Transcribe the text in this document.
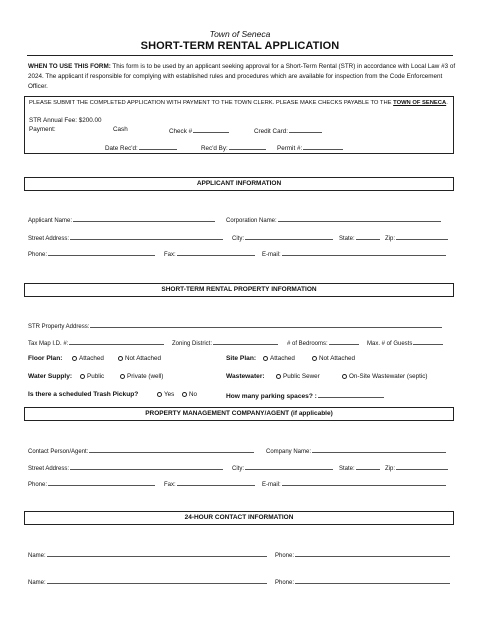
Town of Seneca
SHORT-TERM RENTAL APPLICATION
WHEN TO USE THIS FORM: This form is to be used by an applicant seeking approval for a Short-Term Rental (STR) in accordance with Local Law #3 of 2024. The applicant if responsible for complying with established rules and procedures which are available for inspection from the Code Enforcement Officer.
PLEASE SUBMIT THE COMPLETED APPLICATION WITH PAYMENT TO THE TOWN CLERK. PLEASE MAKE CHECKS PAYABLE TO THE TOWN OF SENECA.
STR Annual Fee: $200.00
Payment:	Cash	Check #	Credit Card:
Date Rec'd:	Rec'd By:	Permit #:
APPLICANT INFORMATION
Applicant Name:	Corporation Name:
Street Address:	City:	State:	Zip:
Phone:	Fax:	E-mail:
SHORT-TERM RENTAL PROPERTY INFORMATION
STR Property Address:
Tax Map I.D. #:	Zoning District:	# of Bedrooms:	Max. # of Guests
Floor Plan:	Attached	Not Attached	Site Plan:	Attached	Not Attached
Water Supply:	Public	Private (well)	Wastewater:	Public Sewer	On-Site Wastewater (septic)
Is there a scheduled Trash Pickup?	Yes	No	How many parking spaces? :
PROPERTY MANAGEMENT COMPANY/AGENT (if applicable)
Contact Person/Agent:	Company Name:
Street Address:	City:	State:	Zip:
Phone:	Fax:	E-mail:
24-HOUR CONTACT INFORMATION
Name:	Phone:
Name:	Phone:
